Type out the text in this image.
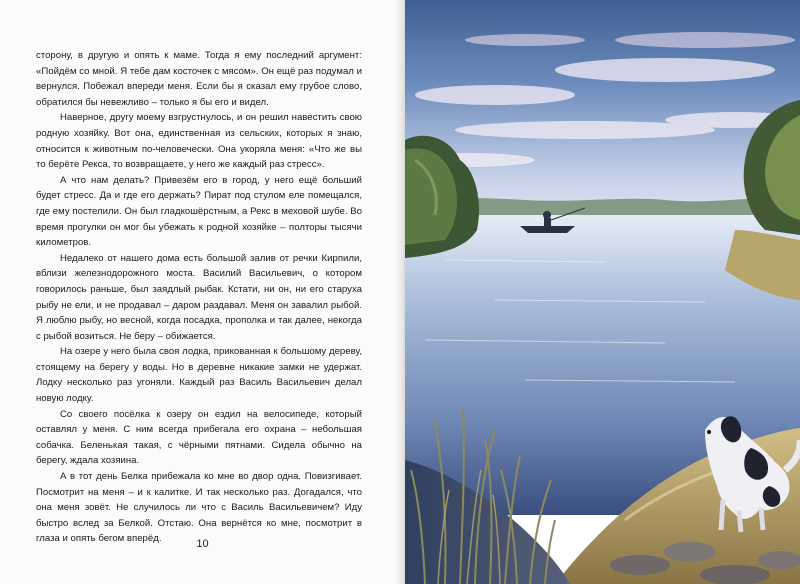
сторону, в другую и опять к маме. Тогда я ему последний аргумент: «Пойдём со мной. Я тебе дам косточек с мясом». Он ещё раз подумал и вернулся. Побежал впереди меня. Если бы я сказал ему грубое слово, обратился бы невежливо – только я бы его и видел.

Наверное, другу моему взгрустнулось, и он решил навестить свою родную хозяйку. Вот она, единственная из сельских, которых я знаю, относится к животным по-человечески. Она укоряла меня: «Что же вы то берёте Рекса, то возвращаете, у него же каждый раз стресс».

А что нам делать? Привезём его в город, у него ещё больший будет стресс. Да и где его держать? Пират под стулом еле помещался, где ему постелили. Он был гладкошёрстным, а Рекс в меховой шубе. Во время прогулки он мог бы убежать к родной хозяйке – полторы тысячи километров.

Недалеко от нашего дома есть большой залив от речки Кирпили, вблизи железнодорожного моста. Василий Васильевич, о котором говорилось раньше, был заядлый рыбак. Кстати, ни он, ни его старуха рыбу не ели, и не продавал – даром раздавал. Меня он завалил рыбой. Я люблю рыбу, но весной, когда посадка, прополка и так далее, некогда с рыбой возиться. Не беру – обижается.

На озере у него была своя лодка, прикованная к большому дереву, стоящему на берегу у воды. Но в деревне никакие замки не удержат. Лодку несколько раз угоняли. Каждый раз Василь Васильевич делал новую лодку.

Со своего посёлка к озеру он ездил на велосипеде, который оставлял у меня. С ним всегда прибегала его охрана – небольшая собачка. Беленькая такая, с чёрными пятнами. Сидела обычно на берегу, ждала хозяина.

А в тот день Белка прибежала ко мне во двор одна. Повизгивает. Посмотрит на меня – и к калитке. И так несколько раз. Догадался, что она меня зовёт. Не случилось ли что с Василь Васильевичем? Иду быстро вслед за Белкой. Отстаю. Она вернётся ко мне, посмотрит в глаза и опять бегом вперёд.	10
